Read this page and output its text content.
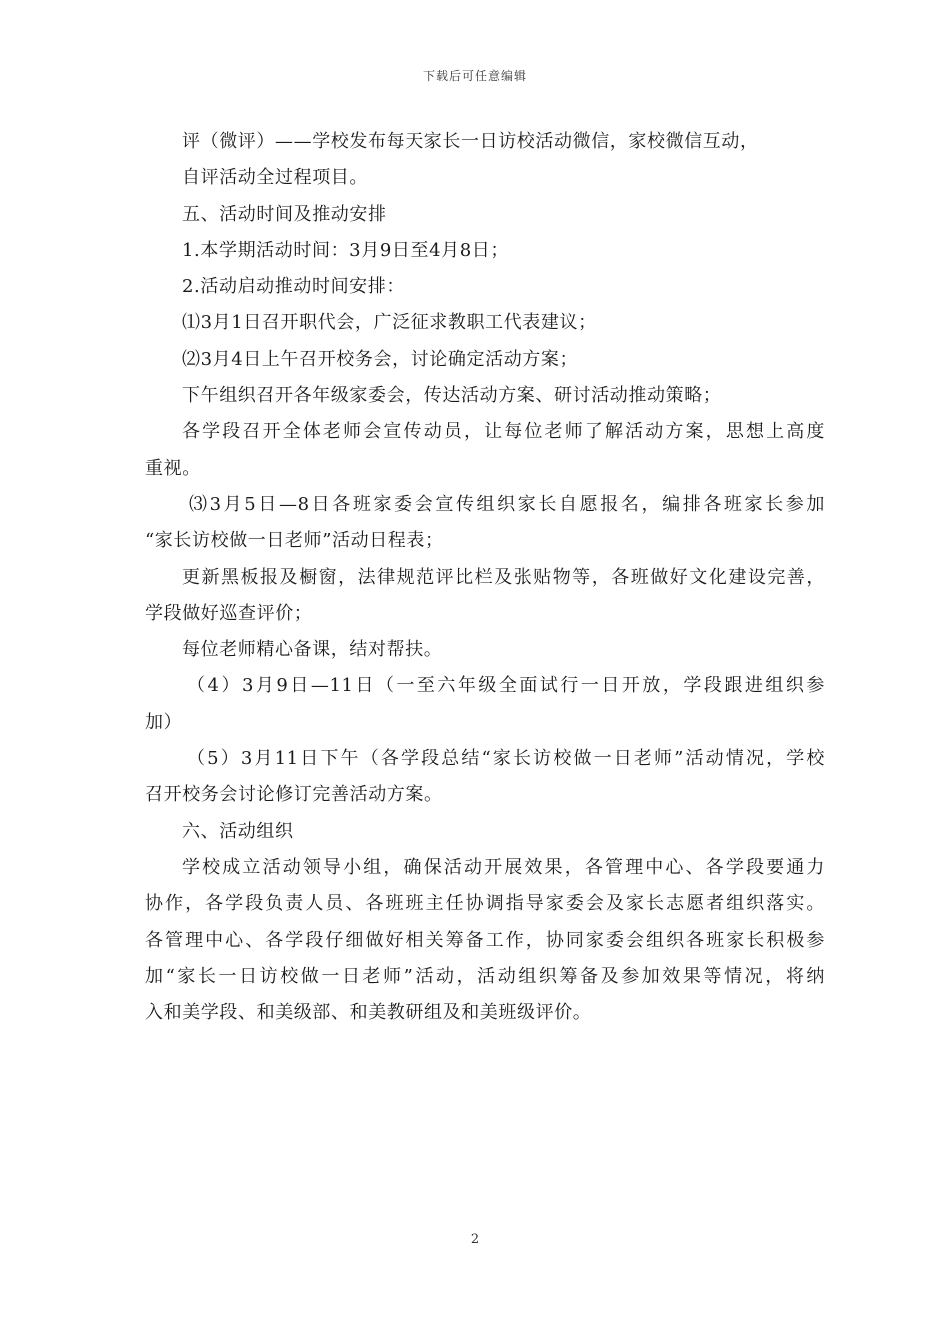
下载后可任意编辑
评（微评）——学校发布每天家长一日访校活动微信，家校微信互动，
自评活动全过程项目。
五、活动时间及推动安排
1.本学期活动时间：3月9日至4月8日；
2.活动启动推动时间安排：
⑴3月1日召开职代会，广泛征求教职工代表建议；
⑵3月4日上午召开校务会，讨论确定活动方案；
下午组织召开各年级家委会，传达活动方案、研讨活动推动策略；
各学段召开全体老师会宣传动员，让每位老师了解活动方案，思想上高度
重视。
⑶3月5日—8日各班家委会宣传组织家长自愿报名，编排各班家长参加
“家长访校做一日老师”活动日程表；
更新黑板报及橱窗，法律规范评比栏及张贴物等，各班做好文化建设完善，
学段做好巡查评价；
每位老师精心备课，结对帮扶。
（4）3月9日—11日（一至六年级全面试行一日开放，学段跟进组织参
加）
（5）3月11日下午（各学段总结“家长访校做一日老师”活动情况，学校
召开校务会讨论修订完善活动方案。
六、活动组织
学校成立活动领导小组，确保活动开展效果，各管理中心、各学段要通力
协作，各学段负责人员、各班班主任协调指导家委会及家长志愿者组织落实。
各管理中心、各学段仔细做好相关筹备工作，协同家委会组织各班家长积极参
加“家长一日访校做一日老师”活动，活动组织筹备及参加效果等情况，将纳
入和美学段、和美级部、和美教研组及和美班级评价。
2
